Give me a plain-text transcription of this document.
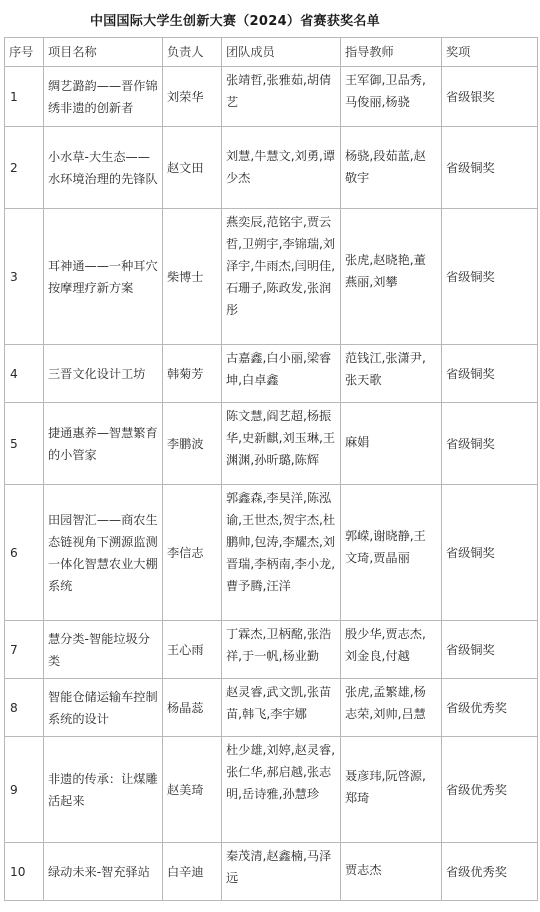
中国国际大学生创新大赛（2024）省赛获奖名单
序号	项目名称	负责人	团队成员	指导教师	奖项
1	绸艺潞韵——晋作锦绣非遗的创新者	刘荣华	张靖哲,张雅茹,胡倩艺	王军御,卫品秀,马俊丽,杨骁	省级银奖
2	小水草-大生态——水环境治理的先锋队	赵文田	刘慧,牛慧文,刘勇,谭少杰	杨骁,段茹蓝,赵敬宇	省级铜奖
3	耳神通——一种耳穴按摩理疗新方案	柴博士	燕奕辰,范铭宇,贾云哲,卫朔宇,李锦瑞,刘泽宇,牛雨杰,闫明佳,石珊子,陈政发,张润彤	张虎,赵晓艳,董燕丽,刘攀	省级铜奖
4	三晋文化设计工坊	韩菊芳	古嘉鑫,白小丽,梁睿坤,白卓鑫	范钱江,张潇尹,张天歌	省级铜奖
5	捷通惠养—智慧繁育的小管家	李鹏波	陈文慧,阎艺超,杨振华,史新麒,刘玉琳,王渊渊,孙昕璐,陈辉	麻娟	省级铜奖
6	田园智汇——商农生态链视角下溯源监测一体化智慧农业大棚系统	李信志	郭鑫森,李昊洋,陈泓谕,王世杰,贺宇杰,杜鹏帅,包涛,李耀杰,刘晋瑞,李柄南,李小龙,曹予腾,汪洋	郭嵘,谢晓静,王文琦,贾晶丽	省级铜奖
7	慧分类-智能垃圾分类	王心雨	丁霖杰,卫柄酩,张浩祥,于一帆,杨业勤	殷少华,贾志杰,刘金良,付越	省级铜奖
8	智能仓储运输车控制系统的设计	杨晶蕊	赵灵睿,武文凯,张苗苗,韩飞,李宇娜	张虎,孟繁雄,杨志荣,刘帅,吕慧	省级优秀奖
9	非遗的传承：让煤雕活起来	赵美琦	杜少雄,刘婷,赵灵睿,张仁华,郝启越,张志明,岳诗雅,孙慧珍	聂彦玮,阮啓源,郑琦	省级优秀奖
10	绿动未来-智充驿站	白辛迪	秦茂清,赵鑫楠,马泽远	贾志杰	省级优秀奖
